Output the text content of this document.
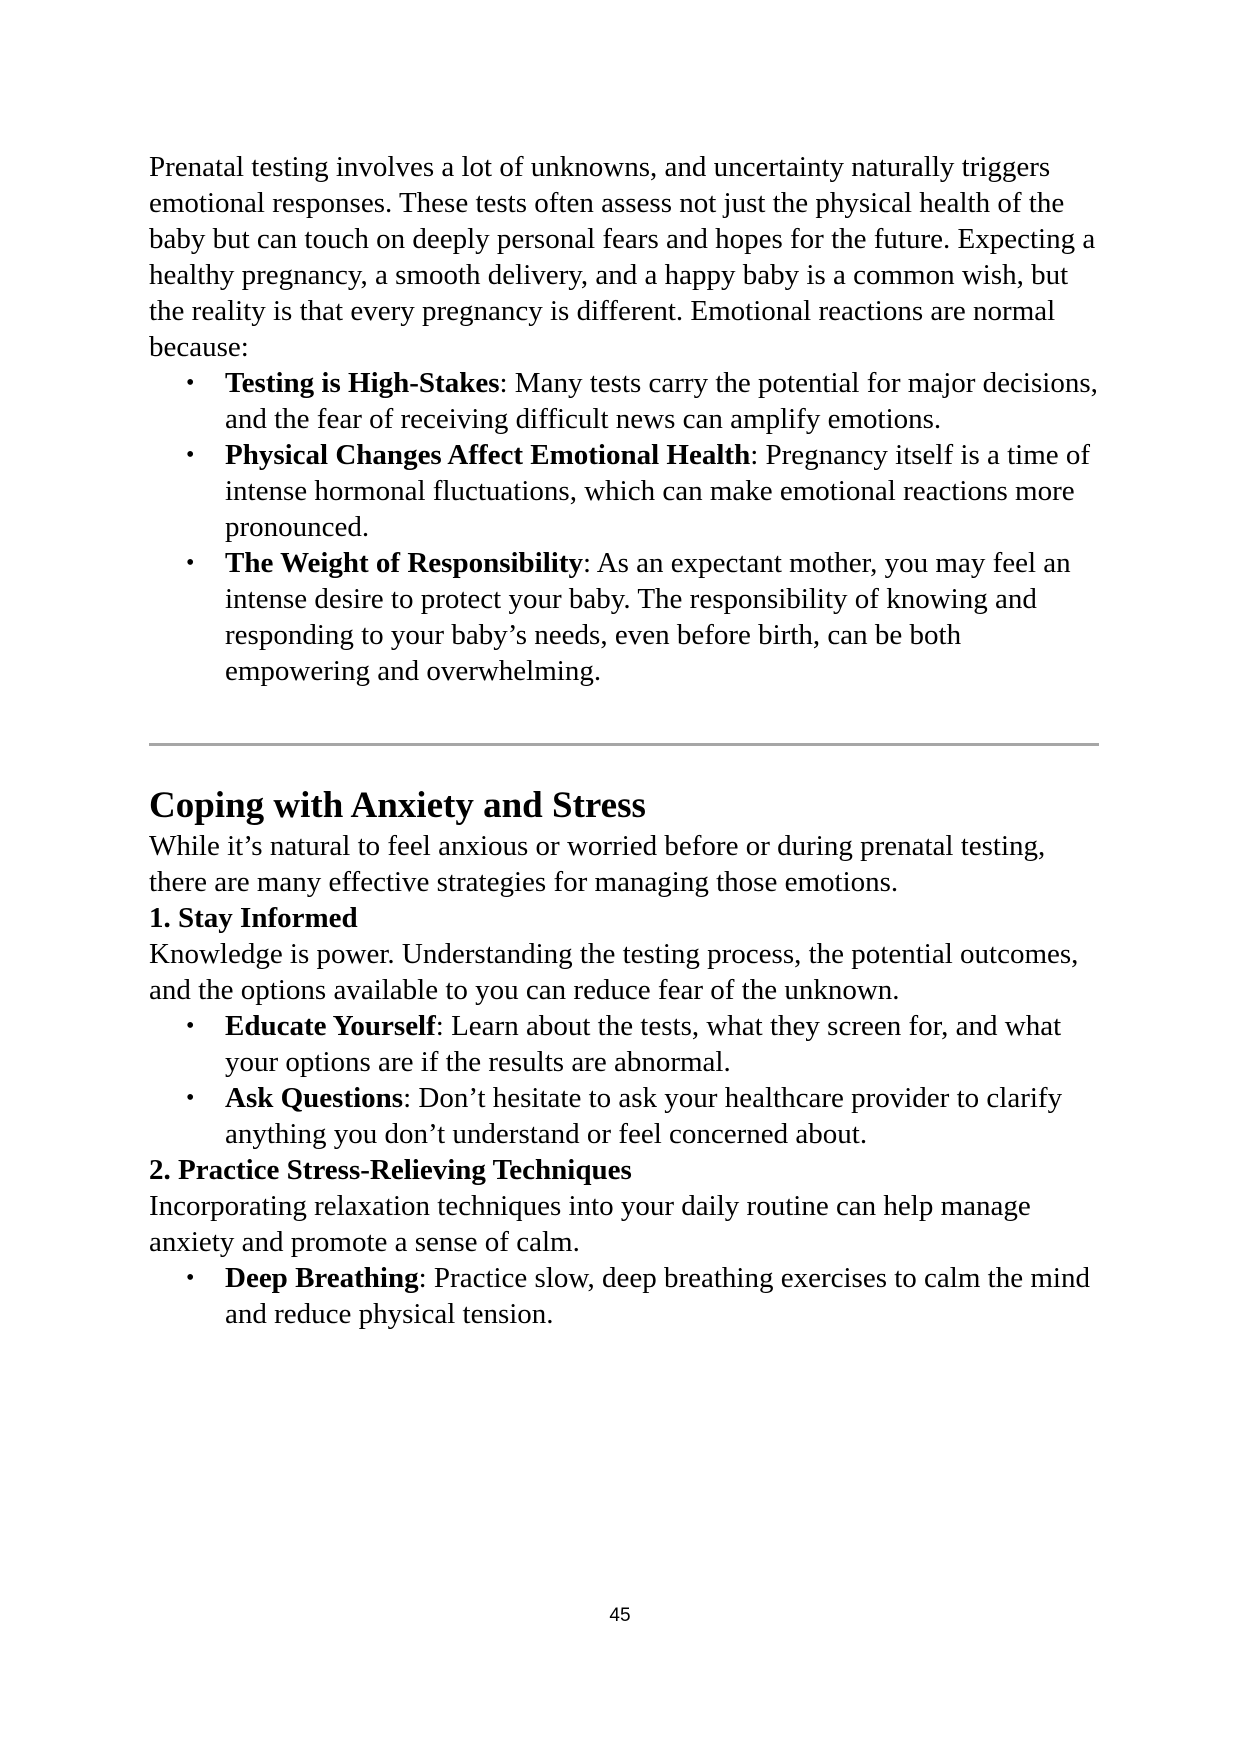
Prenatal testing involves a lot of unknowns, and uncertainty naturally triggers emotional responses. These tests often assess not just the physical health of the baby but can touch on deeply personal fears and hopes for the future. Expecting a healthy pregnancy, a smooth delivery, and a happy baby is a common wish, but the reality is that every pregnancy is different. Emotional reactions are normal because:

• Testing is High-Stakes: Many tests carry the potential for major decisions, and the fear of receiving difficult news can amplify emotions.
• Physical Changes Affect Emotional Health: Pregnancy itself is a time of intense hormonal fluctuations, which can make emotional reactions more pronounced.
• The Weight of Responsibility: As an expectant mother, you may feel an intense desire to protect your baby. The responsibility of knowing and responding to your baby’s needs, even before birth, can be both empowering and overwhelming.
Coping with Anxiety and Stress

While it’s natural to feel anxious or worried before or during prenatal testing, there are many effective strategies for managing those emotions.

1. Stay Informed

Knowledge is power. Understanding the testing process, the potential outcomes, and the options available to you can reduce fear of the unknown.

• Educate Yourself: Learn about the tests, what they screen for, and what your options are if the results are abnormal.
• Ask Questions: Don’t hesitate to ask your healthcare provider to clarify anything you don’t understand or feel concerned about.
2. Practice Stress-Relieving Techniques

Incorporating relaxation techniques into your daily routine can help manage anxiety and promote a sense of calm.

• Deep Breathing: Practice slow, deep breathing exercises to calm the mind and reduce physical tension.
45
